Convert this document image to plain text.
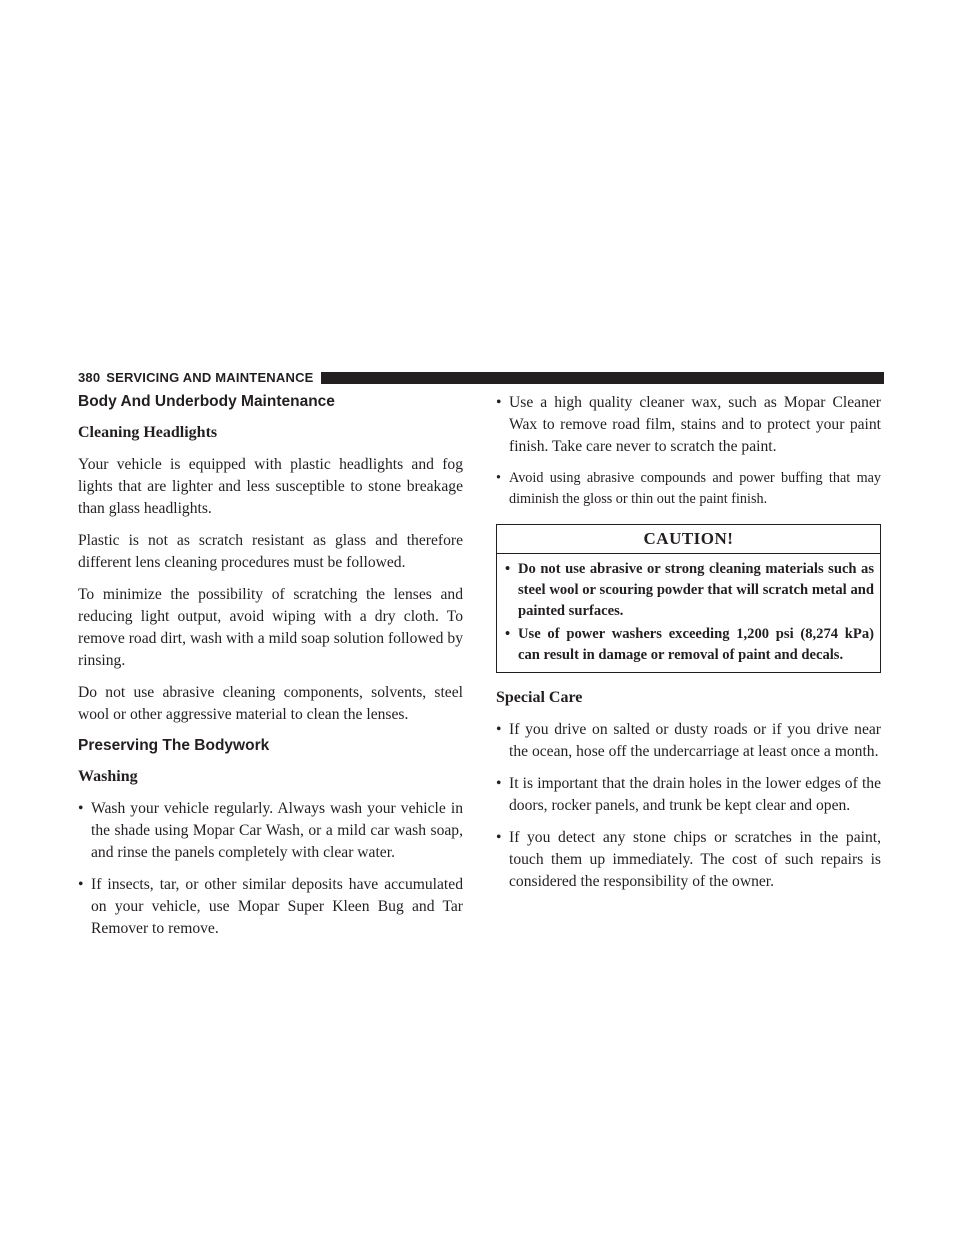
380 SERVICING AND MAINTENANCE
Body And Underbody Maintenance
Cleaning Headlights

Your vehicle is equipped with plastic headlights and fog lights that are lighter and less susceptible to stone breakage than glass headlights.

Plastic is not as scratch resistant as glass and therefore different lens cleaning procedures must be followed.

To minimize the possibility of scratching the lenses and reducing light output, avoid wiping with a dry cloth. To remove road dirt, wash with a mild soap solution followed by rinsing.

Do not use abrasive cleaning components, solvents, steel wool or other aggressive material to clean the lenses.

Preserving The Bodywork
Washing
• Wash your vehicle regularly. Always wash your vehicle in the shade using Mopar Car Wash, or a mild car wash soap, and rinse the panels completely with clear water.
• If insects, tar, or other similar deposits have accumulated on your vehicle, use Mopar Super Kleen Bug and Tar Remover to remove.
• Use a high quality cleaner wax, such as Mopar Cleaner Wax to remove road film, stains and to protect your paint finish. Take care never to scratch the paint.
• Avoid using abrasive compounds and power buffing that may diminish the gloss or thin out the paint finish.
CAUTION!
• Do not use abrasive or strong cleaning materials such as steel wool or scouring powder that will scratch metal and painted surfaces.
• Use of power washers exceeding 1,200 psi (8,274 kPa) can result in damage or removal of paint and decals.
Special Care
• If you drive on salted or dusty roads or if you drive near the ocean, hose off the undercarriage at least once a month.
• It is important that the drain holes in the lower edges of the doors, rocker panels, and trunk be kept clear and open.
• If you detect any stone chips or scratches in the paint, touch them up immediately. The cost of such repairs is considered the responsibility of the owner.
